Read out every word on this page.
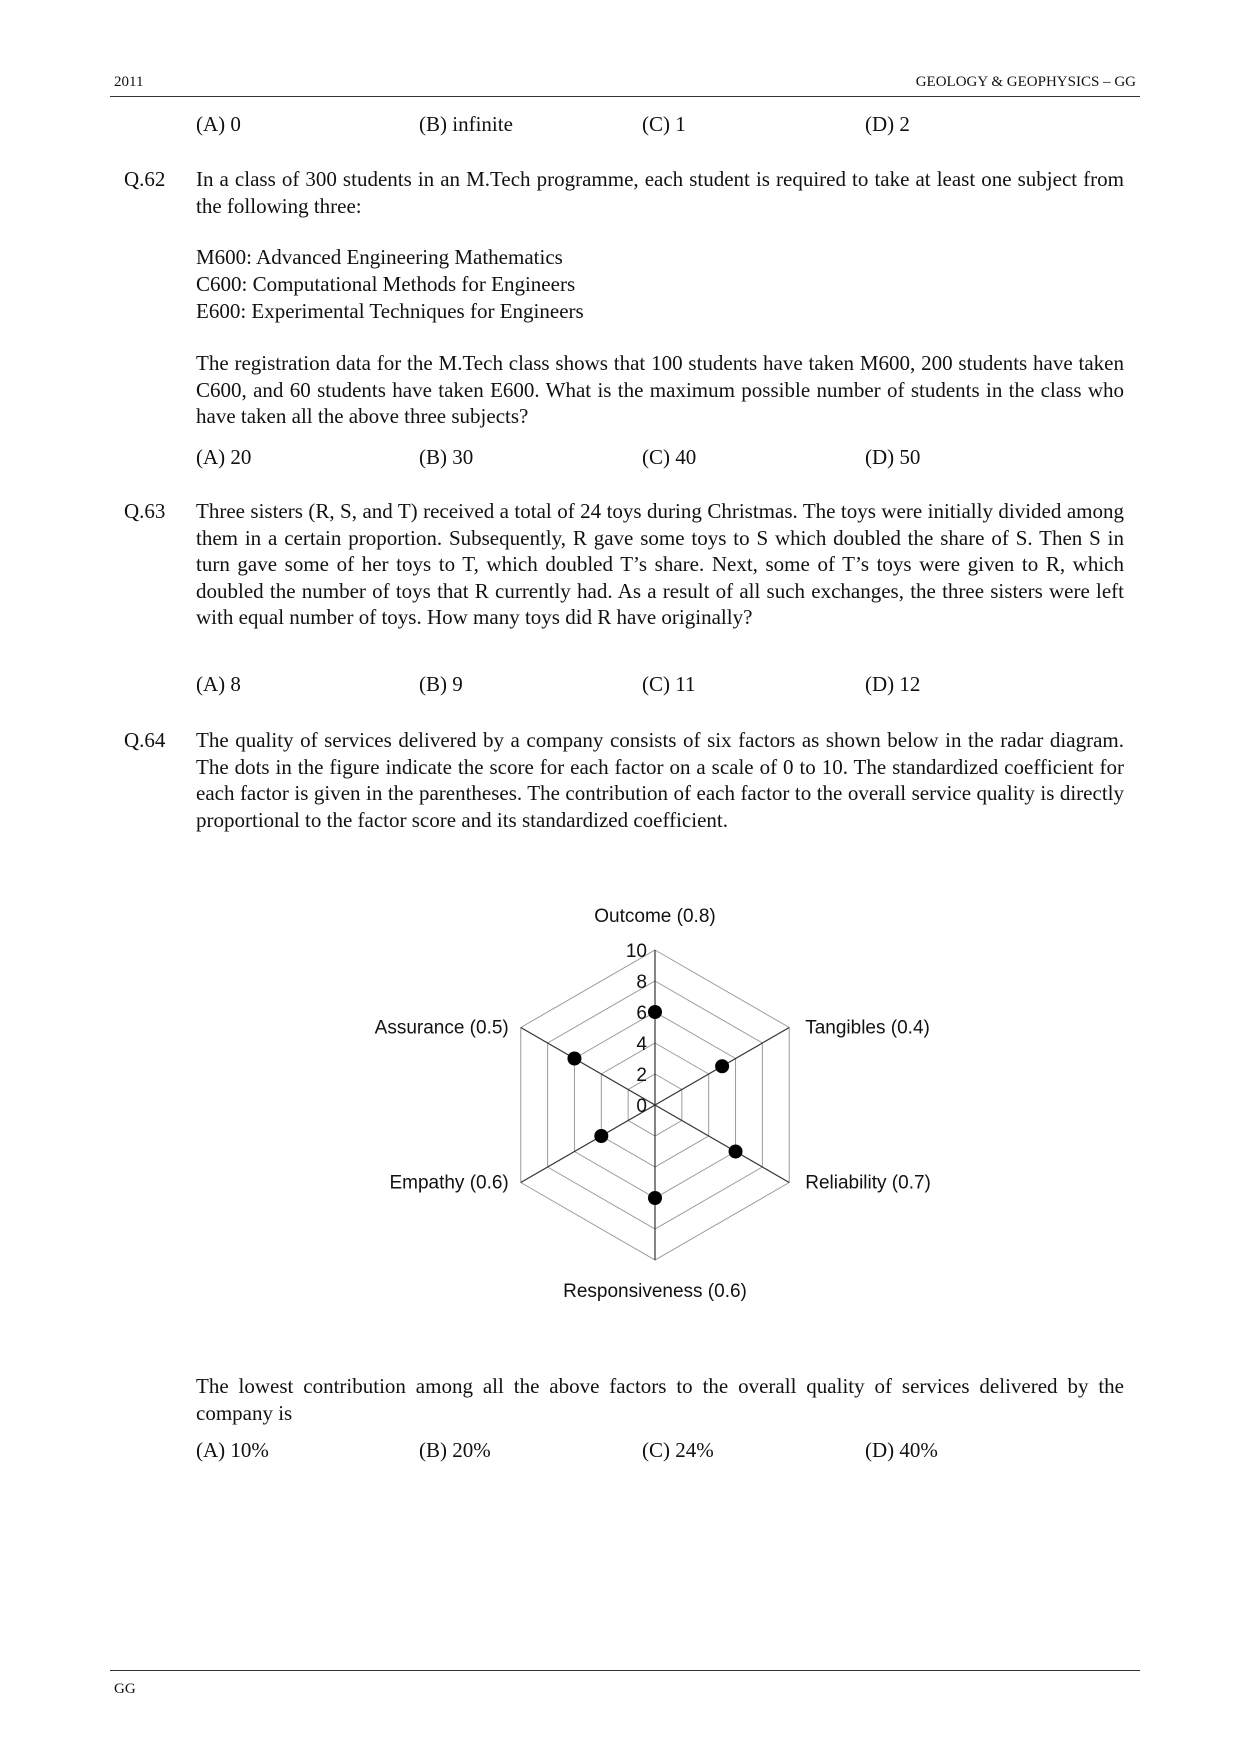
2011	GEOLOGY & GEOPHYSICS – GG
(A) 0	(B) infinite	(C) 1	(D) 2
Q.62 In a class of 300 students in an M.Tech programme, each student is required to take at least one subject from the following three:

M600: Advanced Engineering Mathematics
C600: Computational Methods for Engineers
E600: Experimental Techniques for Engineers

The registration data for the M.Tech class shows that 100 students have taken M600, 200 students have taken C600, and 60 students have taken E600. What is the maximum possible number of students in the class who have taken all the above three subjects?

(A) 20	(B) 30	(C) 40	(D) 50
Q.63 Three sisters (R, S, and T) received a total of 24 toys during Christmas. The toys were initially divided among them in a certain proportion. Subsequently, R gave some toys to S which doubled the share of S. Then S in turn gave some of her toys to T, which doubled T’s share. Next, some of T’s toys were given to R, which doubled the number of toys that R currently had. As a result of all such exchanges, the three sisters were left with equal number of toys. How many toys did R have originally?

(A) 8	(B) 9	(C) 11	(D) 12
Q.64 The quality of services delivered by a company consists of six factors as shown below in the radar diagram. The dots in the figure indicate the score for each factor on a scale of 0 to 10. The standardized coefficient for each factor is given in the parentheses. The contribution of each factor to the overall service quality is directly proportional to the factor score and its standardized coefficient.

0
2
4
6
8
10
Outcome (0.8)
Tangibles (0.4)
Reliability (0.7)
Responsiveness (0.6)
Empathy (0.6)
Assurance (0.5)

The lowest contribution among all the above factors to the overall quality of services delivered by the company is

(A) 10%	(B) 20%	(C) 24%	(D) 40%
GG
